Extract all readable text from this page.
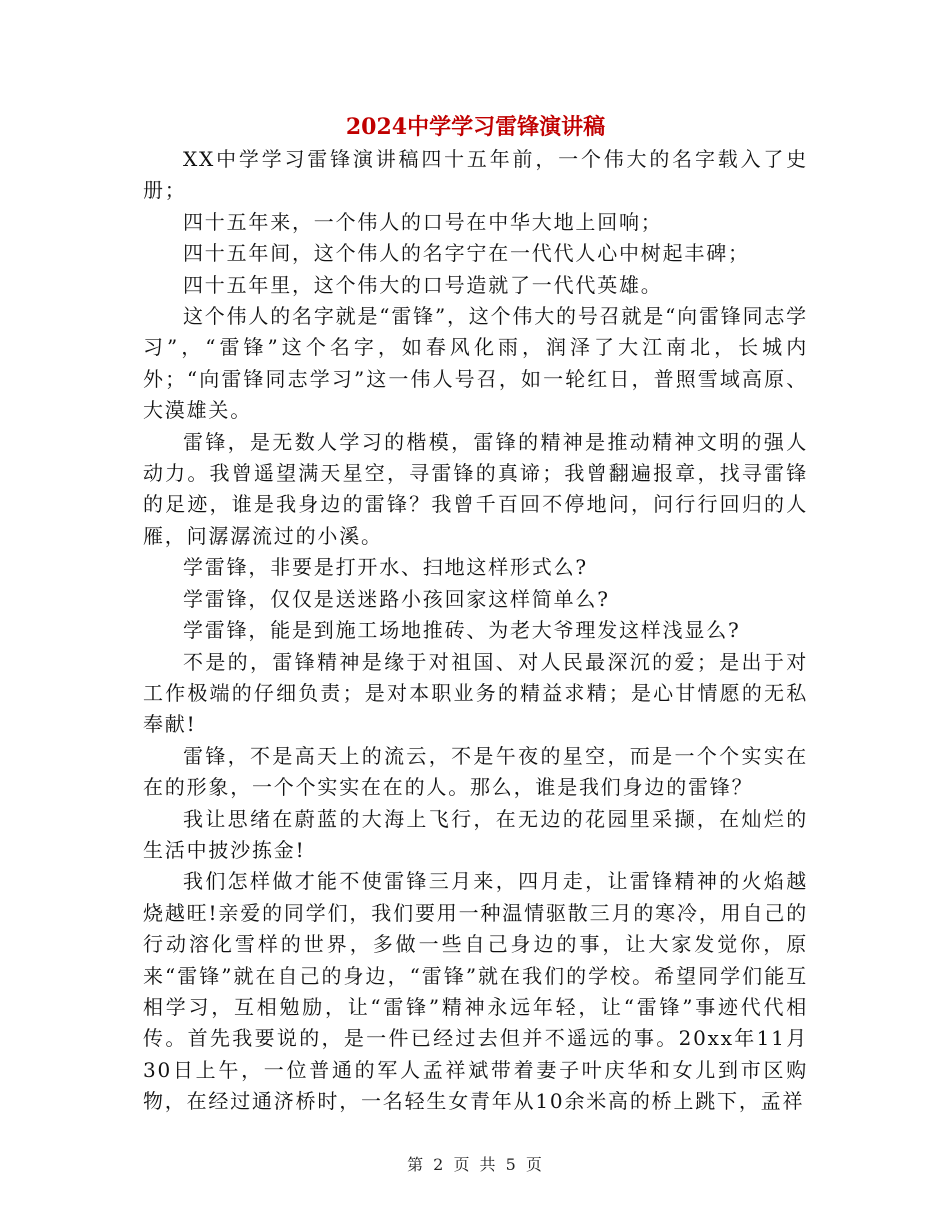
2024中学学习雷锋演讲稿

XX中学学习雷锋演讲稿四十五年前，一个伟大的名字载入了史册；

四十五年来，一个伟人的口号在中华大地上回响；

四十五年间，这个伟人的名字宁在一代代人心中树起丰碑；

四十五年里，这个伟大的口号造就了一代代英雄。

这个伟人的名字就是“雷锋”，这个伟大的号召就是“向雷锋同志学习”，“雷锋”这个名字，如春风化雨，润泽了大江南北，长城内外；“向雷锋同志学习”这一伟人号召，如一轮红日，普照雪域高原、大漠雄关。

雷锋，是无数人学习的楷模，雷锋的精神是推动精神文明的强人动力。我曾遥望满天星空，寻雷锋的真谛；我曾翻遍报章，找寻雷锋的足迹，谁是我身边的雷锋？我曾千百回不停地问，问行行回归的人雁，问潺潺流过的小溪。

学雷锋，非要是打开水、扫地这样形式么?

学雷锋，仅仅是送迷路小孩回家这样简单么?

学雷锋，能是到施工场地推砖、为老大爷理发这样浅显么?

不是的，雷锋精神是缘于对祖国、对人民最深沉的爱；是出于对工作极端的仔细负责；是对本职业务的精益求精；是心甘情愿的无私奉献!

雷锋，不是高天上的流云，不是午夜的星空，而是一个个实实在在的形象，一个个实实在在的人。那么，谁是我们身边的雷锋？

我让思绪在蔚蓝的大海上飞行，在无边的花园里采撷，在灿烂的生活中披沙拣金!

我们怎样做才能不使雷锋三月来，四月走，让雷锋精神的火焰越烧越旺!亲爱的同学们，我们要用一种温情驱散三月的寒冷，用自己的行动溶化雪样的世界，多做一些自己身边的事，让大家发觉你，原来“雷锋”就在自己的身边，“雷锋”就在我们的学校。希望同学们能互相学习，互相勉励，让“雷锋”精神永远年轻，让“雷锋”事迹代代相传。首先我要说的，是一件已经过去但并不遥远的事。20xx年11月30日上午，一位普通的军人孟祥斌带着妻子叶庆华和女儿到市区购物，在经过通济桥时，一名轻生女青年从10余米高的桥上跳下，孟祥

第 2 页 共 5 页
